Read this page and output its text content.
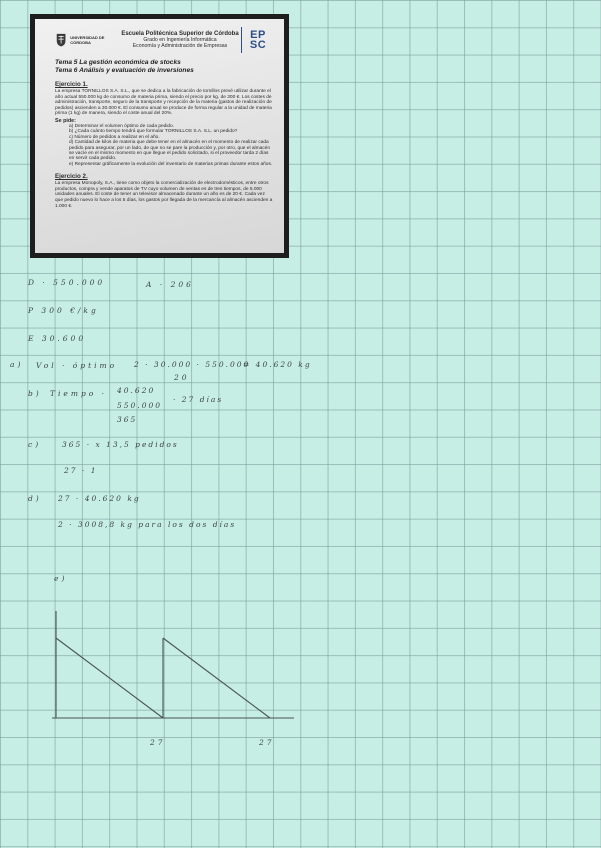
UNIVERSIDAD DE CÓRDOBA
Escuela Politécnica Superior de Córdoba
Grado en Ingeniería Informática
Economía y Administración de Empresas
EP
SC
Tema 5 La gestión económica de stocks
Tema 6 Análisis y evaluación de inversiones
Ejercicio 1.

La empresa TORNILLOS S.A. S.L., que se dedica a la fabricación de tornillos prevé utilizar durante el año actual 550.000 kg de consumo de materia prima, siendo el precio por kg. de 300 €. Los costes de administración, transporte, seguro de la transporte y recepción de la materia (gastos de realización de pedidos) ascienden a 30.000 €. El consumo anual se produce de forma regular a la unidad de materia prima (1 kg) de manera, siendo el coste anual del 20%.

Se pide:
a) Determinar el volumen óptimo de cada pedido.
b) ¿Cada cuánto tiempo tendrá que formular TORNILLOS S.A. S.L. un pedido?
c) Número de pedidos a realizar en el año.
d) Cantidad de kilos de materia que debe tener en el almacén en el momento de realizar cada pedido para asegurar, por un lado, de que no se pare la producción y, por otro, que el almacén se vacíe en el mismo momento en que llegue el pedido solicitado, si el proveedor tarda 2 días en servir cada pedido.
e) Representar gráficamente la evolución del inventario de materias primas durante estos años.
Ejercicio 2.

La empresa Monopoly, S.A., tiene como objeto la comercialización de electrodomésticos, entre otros productos, compra y vende aparatos de TV cuyo volumen de ventas es de tres tiempos, de 5.000 unidades anuales. El coste de tener un televisor almacenado durante un año es de 20 €. Cada vez que pedido nuevo lo hace a los 5 días, los gastos por llegada de la mercancía al almacén ascienden a 1.000 €.

D · 550.000	A · 206
P 300 €/kg
E 30.600
a) Vol · óptimo 2 · 30.000 · 550.000
20
= 40.620 kg
b) Tiempo · 40.620
550.000
365
· 27 días
c)	365 · x 13,5 pedidos
27 · 1
d) 27 · 40.620 kg
2 · 3008,8 kg para los dos días
e)
27	27
